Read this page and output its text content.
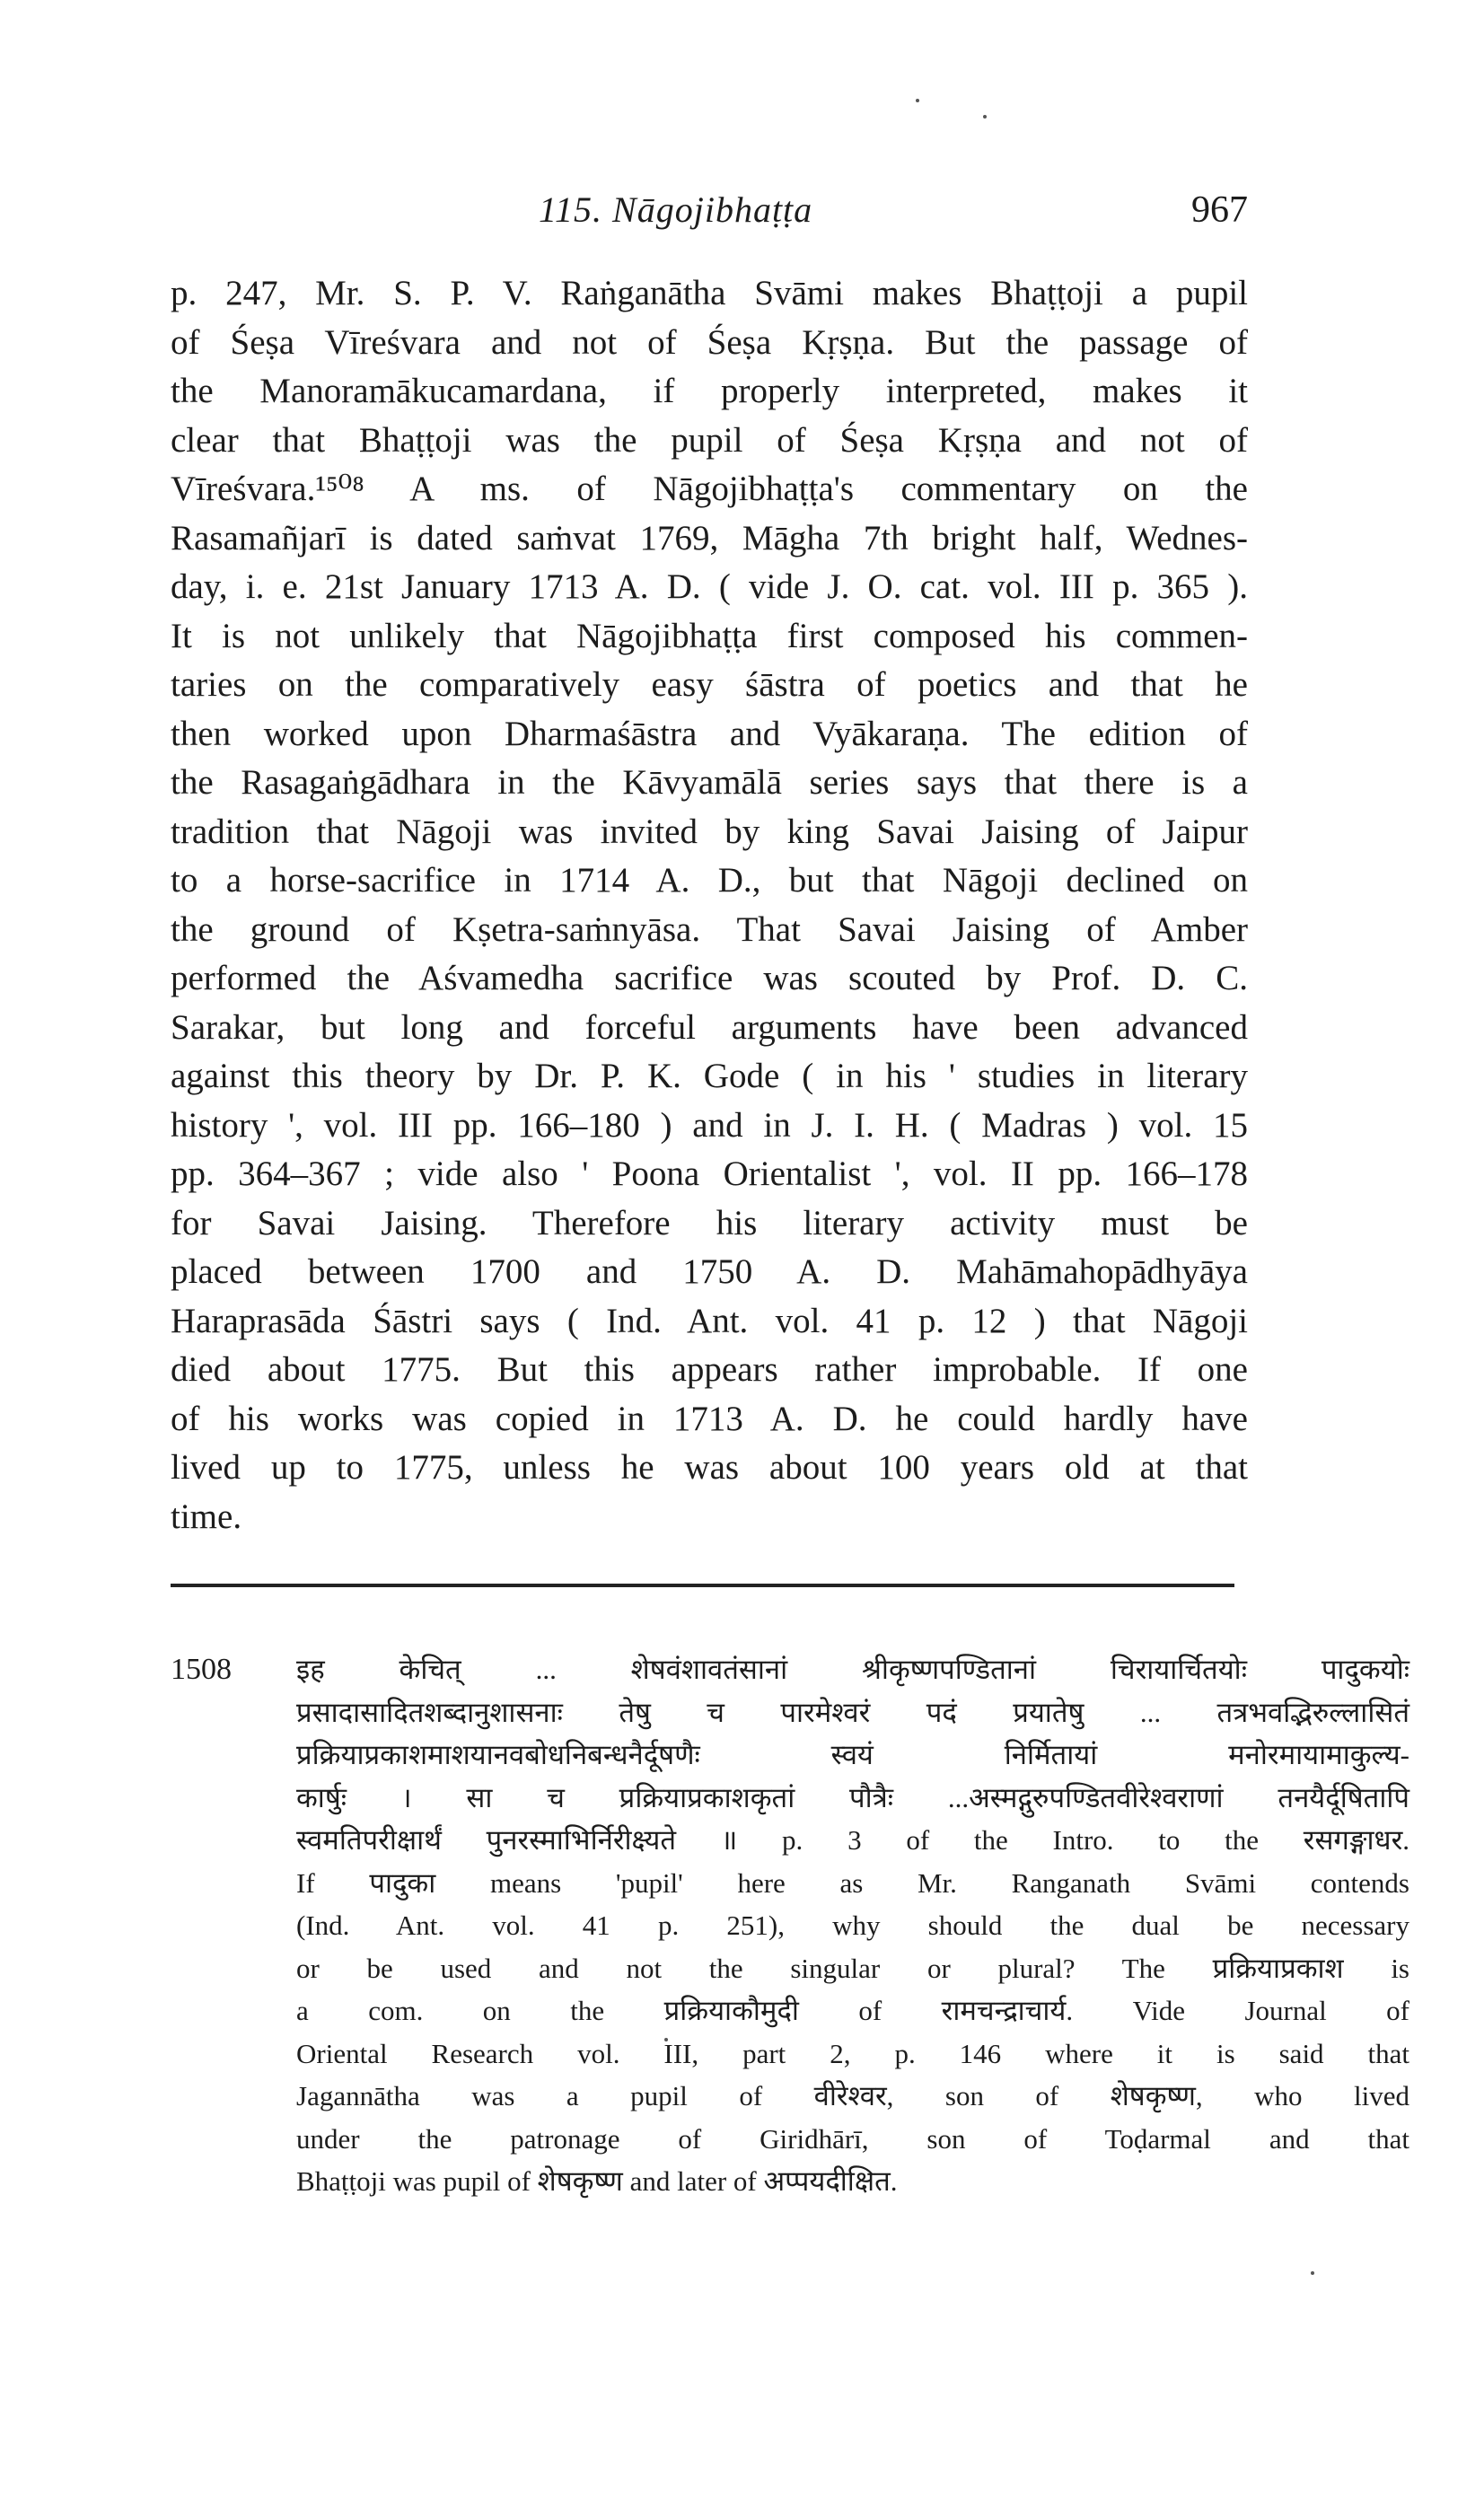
115. Nāgojibhaṭṭa	967
p. 247, Mr. S. P. V. Raṅganātha Svāmi makes Bhaṭṭoji a pupil
of Śeṣa Vīreśvara and not of Śeṣa Kṛṣṇa. But the passage of
the Manoramākucamardana, if properly interpreted, makes it
clear that Bhaṭṭoji was the pupil of Śeṣa Kṛṣṇa and not of
Vīreśvara.¹⁵⁰⁸ A ms. of Nāgojibhaṭṭa's commentary on the
Rasamañjarī is dated saṁvat 1769, Māgha 7th bright half, Wednes-
day, i. e. 21st January 1713 A. D. ( vide J. O. cat. vol. III p. 365 ).
It is not unlikely that Nāgojibhaṭṭa first composed his commen-
taries on the comparatively easy śāstra of poetics and that he
then worked upon Dharmaśāstra and Vyākaraṇa. The edition of
the Rasagaṅgādhara in the Kāvyamālā series says that there is a
tradition that Nāgoji was invited by king Savai Jaising of Jaipur
to a horse-sacrifice in 1714 A. D., but that Nāgoji declined on
the ground of Kṣetra-saṁnyāsa. That Savai Jaising of Amber
performed the Aśvamedha sacrifice was scouted by Prof. D. C.
Sarakar, but long and forceful arguments have been advanced
against this theory by Dr. P. K. Gode ( in his ' studies in literary
history ', vol. III pp. 166–180 ) and in J. I. H. ( Madras ) vol. 15
pp. 364–367 ; vide also ' Poona Orientalist ', vol. II pp. 166–178
for Savai Jaising. Therefore his literary activity must be
placed between 1700 and 1750 A. D. Mahāmahopādhyāya
Haraprasāda Śāstri says ( Ind. Ant. vol. 41 p. 12 ) that Nāgoji
died about 1775. But this appears rather improbable. If one
of his works was copied in 1713 A. D. he could hardly have
lived up to 1775, unless he was about 100 years old at that
time.
1508 इह केचित् ... शेषवंशावतंसानां श्रीकृष्णपण्डितानां चिरायार्चितयोः पादुकयोः
प्रसादासादितशब्दानुशासनाः तेषु च पारमेश्वरं पदं प्रयातेषु ... तत्रभवद्भिरुल्लासितं
प्रक्रियाप्रकाशमाशयानवबोधनिबन्धनैर्दूषणैः स्वयं निर्मितायां मनोरमायामाकुल्य-
कार्षुः । सा च प्रक्रियाप्रकाशकृतां पौत्रैः ...अस्मद्गुरुपण्डितवीरेश्वराणां तनयैर्दूषितापि
स्वमतिपरीक्षार्थं पुनरस्माभिर्निरीक्ष्यते ॥ p. 3 of the Intro. to the रसगङ्गाधर.
If पादुका means 'pupil' here as Mr. Ranganath Svāmi contends
(Ind. Ant. vol. 41 p. 251), why should the dual be necessary
or be used and not the singular or plural? The प्रक्रियाप्रकाश is
a com. on the प्रक्रियाकौमुदी of रामचन्द्राचार्य. Vide Journal of
Oriental Research vol. III, part 2, p. 146 where it is said that
Jagannātha was a pupil of वीरेश्वर, son of शेषकृष्ण, who lived
under the patronage of Giridhārī, son of Toḍarmal and that
Bhaṭṭoji was pupil of शेषकृष्ण and later of अप्पयदीक्षित.
